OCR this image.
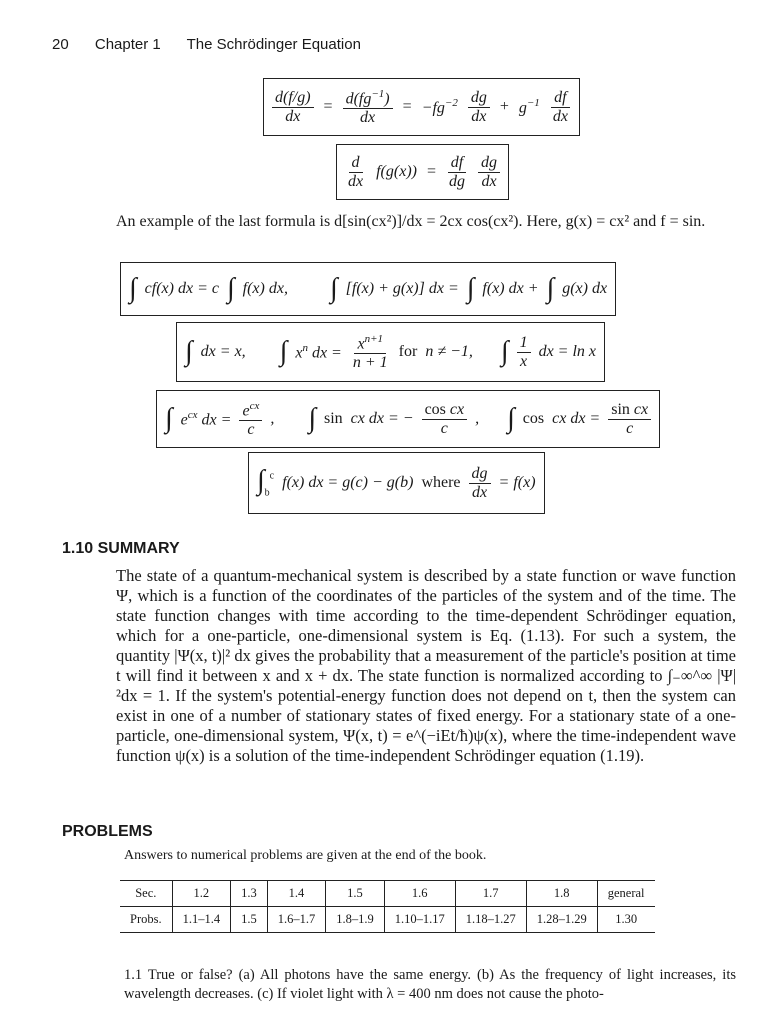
20 Chapter 1 The Schrödinger Equation
$\frac{d(f/g)}{dx} = \frac{d(fg^{-1})}{dx} = -fg^{-2} \frac{dg}{dx} + g^{-1} \frac{df}{dx}$
$\frac{d}{dx} f(g(x)) = \frac{df}{dg} \frac{dg}{dx}$
An example of the last formula is d[sin(cx²)]/dx = 2cx cos(cx²). Here, g(x) = cx² and f = sin.
∫ cf(x) dx = c ∫ f(x) dx, ∫ [f(x) + g(x)] dx = ∫ f(x) dx + ∫ g(x) dx
∫ dx = x, ∫ $x^n$ dx = $\frac{x^{n+1}}{n + 1}$ for n ≠ −1, ∫ $\frac{1}{x}$ dx = ln x
∫ $e^{cx}$ dx = $\frac{e^{cx}}{c}$ , ∫ sin cx dx = − $\frac{\text{cos cx}}{c}$ , ∫ cos cx dx = $\frac{\text{sin cx}}{c}$
$\int_b^c$ f(x) dx = g(c) − g(b) where $\frac{dg}{dx} = f(x)$
1.10 SUMMARY
The state of a quantum-mechanical system is described by a state function or wave function Ψ, which is a function of the coordinates of the particles of the system and of the time. The state function changes with time according to the time-dependent Schrödinger equation, which for a one-particle, one-dimensional system is Eq. (1.13). For such a system, the quantity |Ψ(x, t)|² dx gives the probability that a measurement of the particle's position at time t will find it between x and x + dx. The state function is normalized according to ∫₋∞^∞ |Ψ|²dx = 1. If the system's potential-energy function does not depend on t, then the system can exist in one of a number of stationary states of fixed energy. For a stationary state of a one-particle, one-dimensional system, Ψ(x, t) = e^(−iEt/ħ)ψ(x), where the time-independent wave function ψ(x) is a solution of the time-independent Schrödinger equation (1.19).
PROBLEMS
Answers to numerical problems are given at the end of the book.
Sec.	1.2	1.3	1.4	1.5	1.6	1.7	1.8	general
Probs.	1.1–1.4	1.5	1.6–1.7	1.8–1.9	1.10–1.17	1.18–1.27	1.28–1.29	1.30
1.1 True or false? (a) All photons have the same energy. (b) As the frequency of light increases, its wavelength decreases. (c) If violet light with λ = 400 nm does not cause the photo-
